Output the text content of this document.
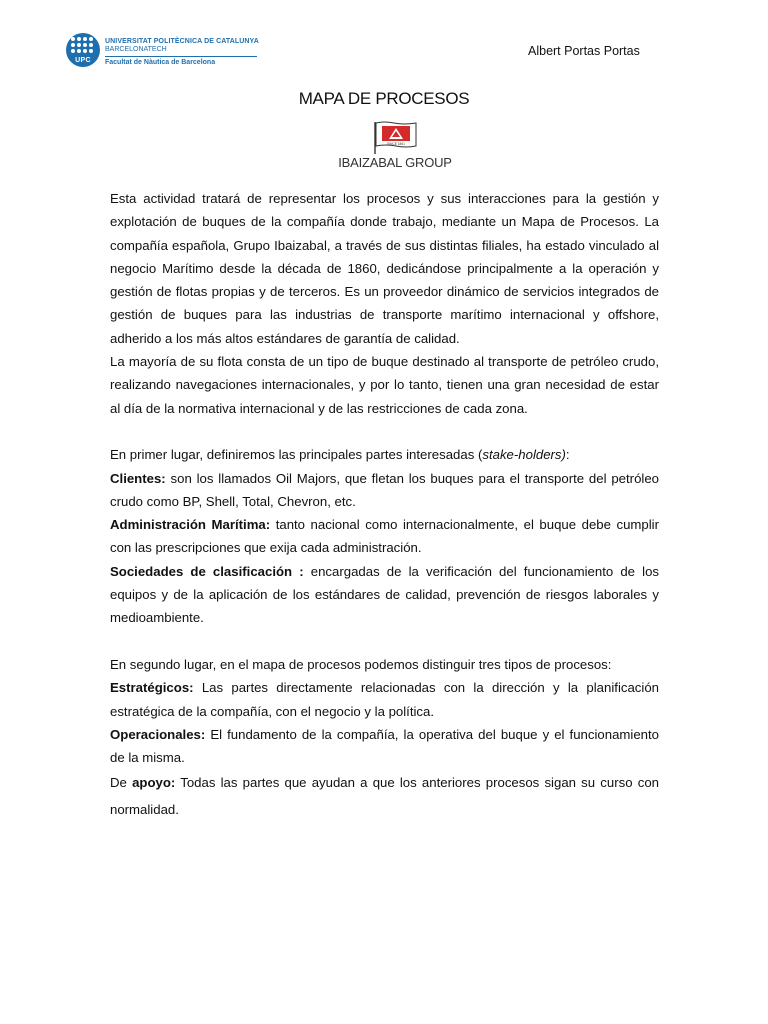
UPC
UNIVERSITAT POLITÈCNICA DE CATALUNYA
BARCELONATECH
Facultat de Nàutica de Barcelona
Albert Portas Portas
MAPA DE PROCESOS
SINCE 1861
IBAIZABAL GROUP

Esta actividad tratará de representar los procesos y sus interacciones para la gestión y explotación de buques de la compañía donde trabajo, mediante un Mapa de Procesos. La compañía española, Grupo Ibaizabal, a través de sus distintas filiales, ha estado vinculado al negocio Marítimo desde la década de 1860, dedicándose principalmente a la operación y gestión de flotas propias y de terceros. Es un proveedor dinámico de servicios integrados de gestión de buques para las industrias de transporte marítimo internacional y offshore, adherido a los más altos estándares de garantía de calidad.

La mayoría de su flota consta de un tipo de buque destinado al transporte de petróleo crudo, realizando navegaciones internacionales, y por lo tanto, tienen una gran necesidad de estar al día de la normativa internacional y de las restricciones de cada zona.

En primer lugar, definiremos las principales partes interesadas (stake-holders):

Clientes: son los llamados Oil Majors, que fletan los buques para el transporte del petróleo crudo como BP, Shell, Total, Chevron, etc.

Administración Marítima: tanto nacional como internacionalmente, el buque debe cumplir con las prescripciones que exija cada administración.

Sociedades de clasificación : encargadas de la verificación del funcionamiento de los equipos y de la aplicación de los estándares de calidad, prevención de riesgos laborales y medioambiente.

En segundo lugar, en el mapa de procesos podemos distinguir tres tipos de procesos:

Estratégicos: Las partes directamente relacionadas con la dirección y la planificación estratégica de la compañía, con el negocio y la política.

Operacionales: El fundamento de la compañía, la operativa del buque y el funcionamiento de la misma.

De apoyo: Todas las partes que ayudan a que los anteriores procesos sigan su curso con normalidad.
